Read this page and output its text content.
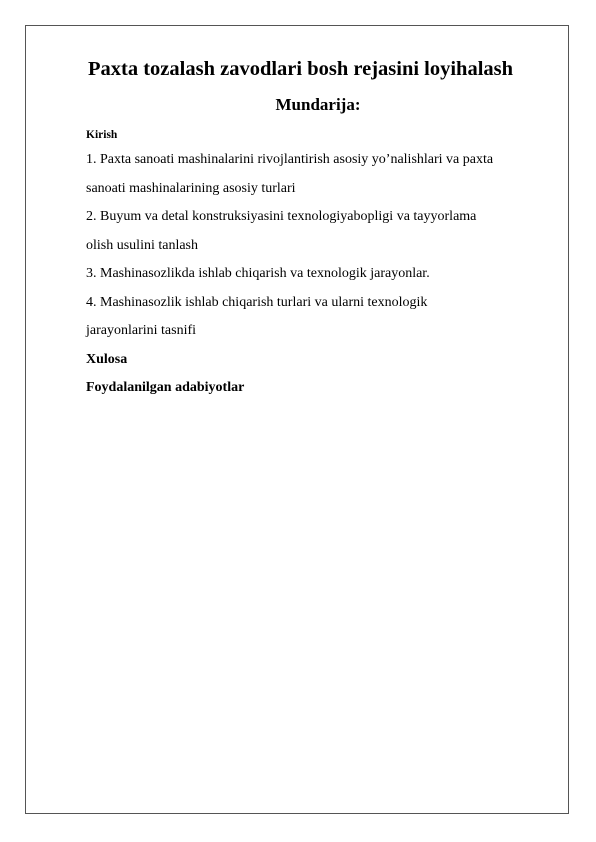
Paxta tozalash zavodlari bosh rejasini loyihalash
Mundarija:
Kirish
1. Paxta sanoati mashinalarini rivojlantirish asosiy yo’nalishlari va paxta
sanoati mashinalarining asosiy turlari
2. Buyum va detal konstruksiyasini texnologiyabopligi va tayyorlama
olish usulini tanlash
3. Mashinasozlikda ishlab chiqarish va texnologik jarayonlar.
4. Mashinasozlik ishlab chiqarish turlari va ularni texnologik
jarayonlarini tasnifi
Xulosa
Foydalanilgan adabiyotlar
